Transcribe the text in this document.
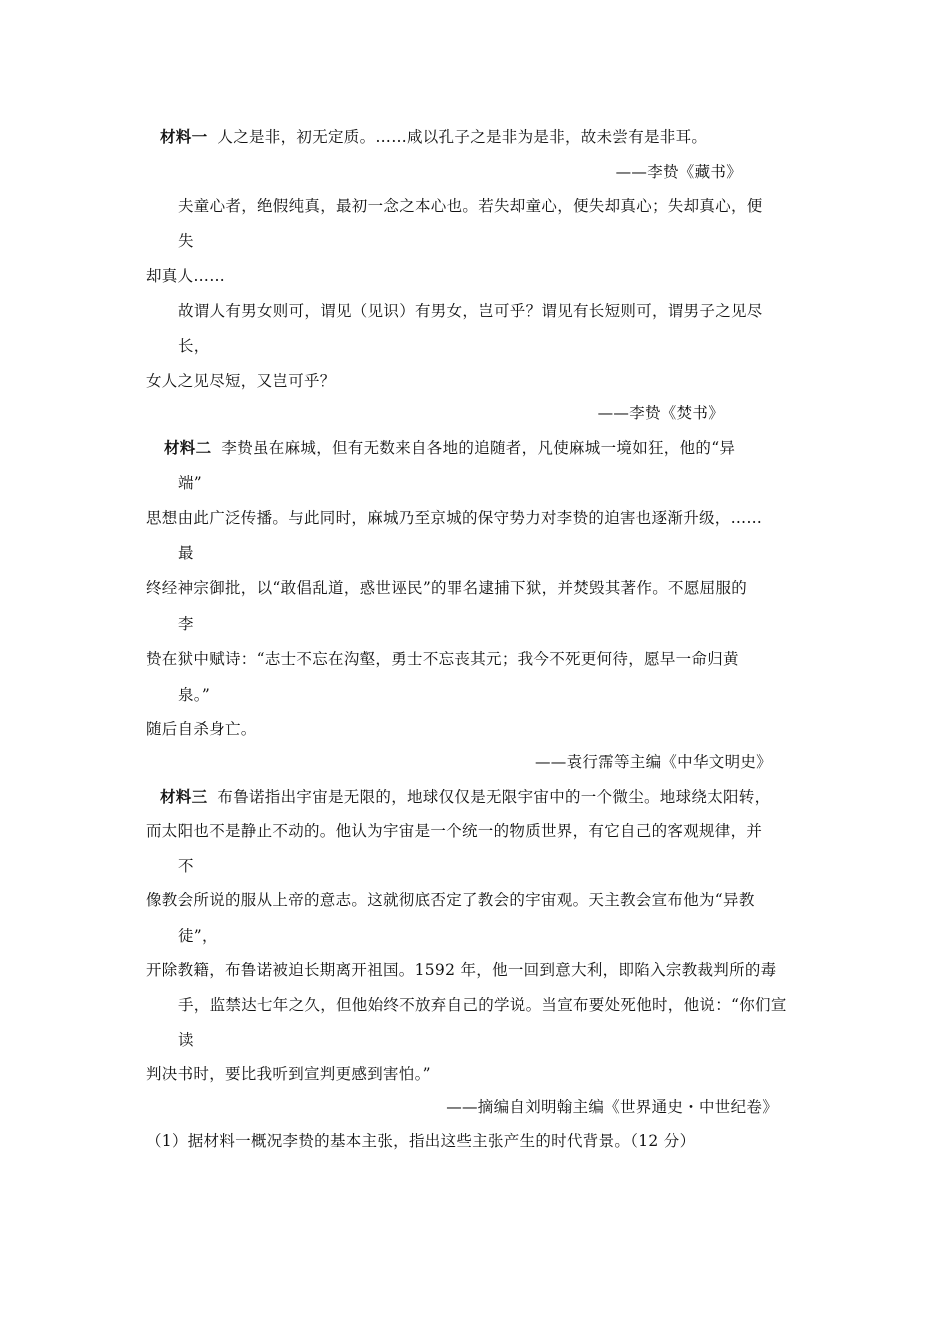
材料一 人之是非，初无定质。……咸以孔子之是非为是非，故未尝有是非耳。
——李贽《藏书》
夫童心者，绝假纯真，最初一念之本心也。若失却童心，便失却真心；失却真心，便
失
却真人……
故谓人有男女则可，谓见（见识）有男女，岂可乎？谓见有长短则可，谓男子之见尽
长，
女人之见尽短，又岂可乎？
——李贽《焚书》
材料二 李贽虽在麻城，但有无数来自各地的追随者，凡使麻城一境如狂，他的“异
端”
思想由此广泛传播。与此同时，麻城乃至京城的保守势力对李贽的迫害也逐渐升级，……
最
终经神宗御批，以“敢倡乱道，惑世诬民”的罪名逮捕下狱，并焚毁其著作。不愿屈服的
李
贽在狱中赋诗：“志士不忘在沟壑，勇士不忘丧其元；我今不死更何待，愿早一命归黄
泉。”
随后自杀身亡。
——袁行霈等主编《中华文明史》
材料三 布鲁诺指出宇宙是无限的，地球仅仅是无限宇宙中的一个微尘。地球绕太阳转，
而太阳也不是静止不动的。他认为宇宙是一个统一的物质世界，有它自己的客观规律，并
不
像教会所说的服从上帝的意志。这就彻底否定了教会的宇宙观。天主教会宣布他为“异教
徒”，
开除教籍，布鲁诺被迫长期离开祖国。1592 年，他一回到意大利，即陷入宗教裁判所的毒
手，监禁达七年之久，但他始终不放弃自己的学说。当宣布要处死他时，他说：“你们宣
读
判决书时，要比我听到宣判更感到害怕。”
——摘编自刘明翰主编《世界通史・中世纪卷》
（1）据材料一概况李贽的基本主张，指出这些主张产生的时代背景。（12 分）
